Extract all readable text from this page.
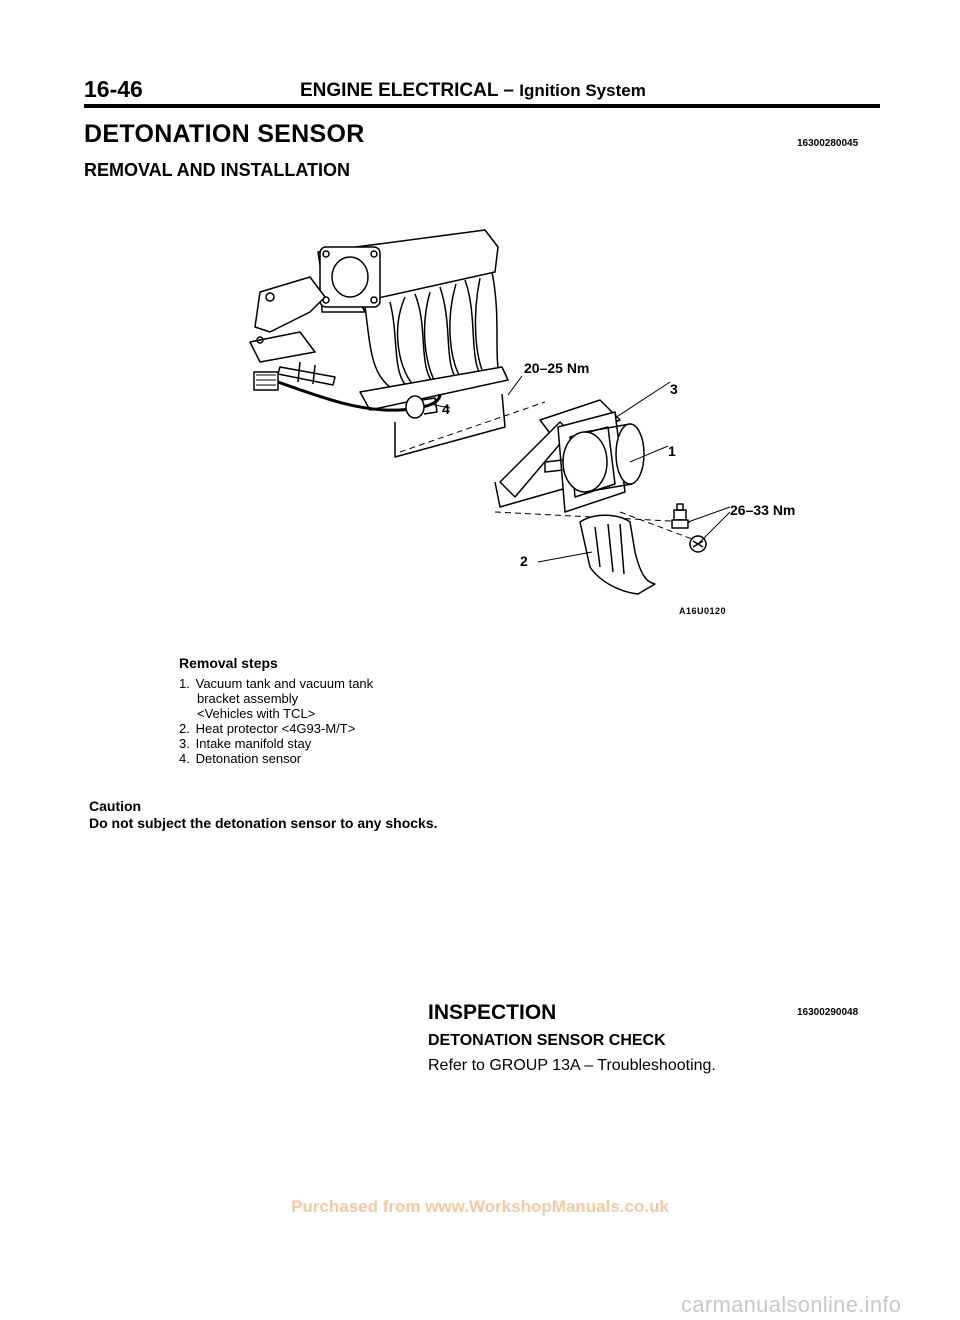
16-46	ENGINE ELECTRICAL – Ignition System
DETONATION SENSOR	16300280045
REMOVAL AND INSTALLATION
20–25 Nm
26–33 Nm
1
2
3
4
A16U0120
Removal steps
1. Vacuum tank and vacuum tank
bracket assembly
<Vehicles with TCL>
2. Heat protector <4G93-M/T>
3. Intake manifold stay
4. Detonation sensor
Caution
Do not subject the detonation sensor to any shocks.
INSPECTION	16300290048
DETONATION SENSOR CHECK
Refer to GROUP 13A – Troubleshooting.
Purchased from www.WorkshopManuals.co.uk
carmanualsonline.info
